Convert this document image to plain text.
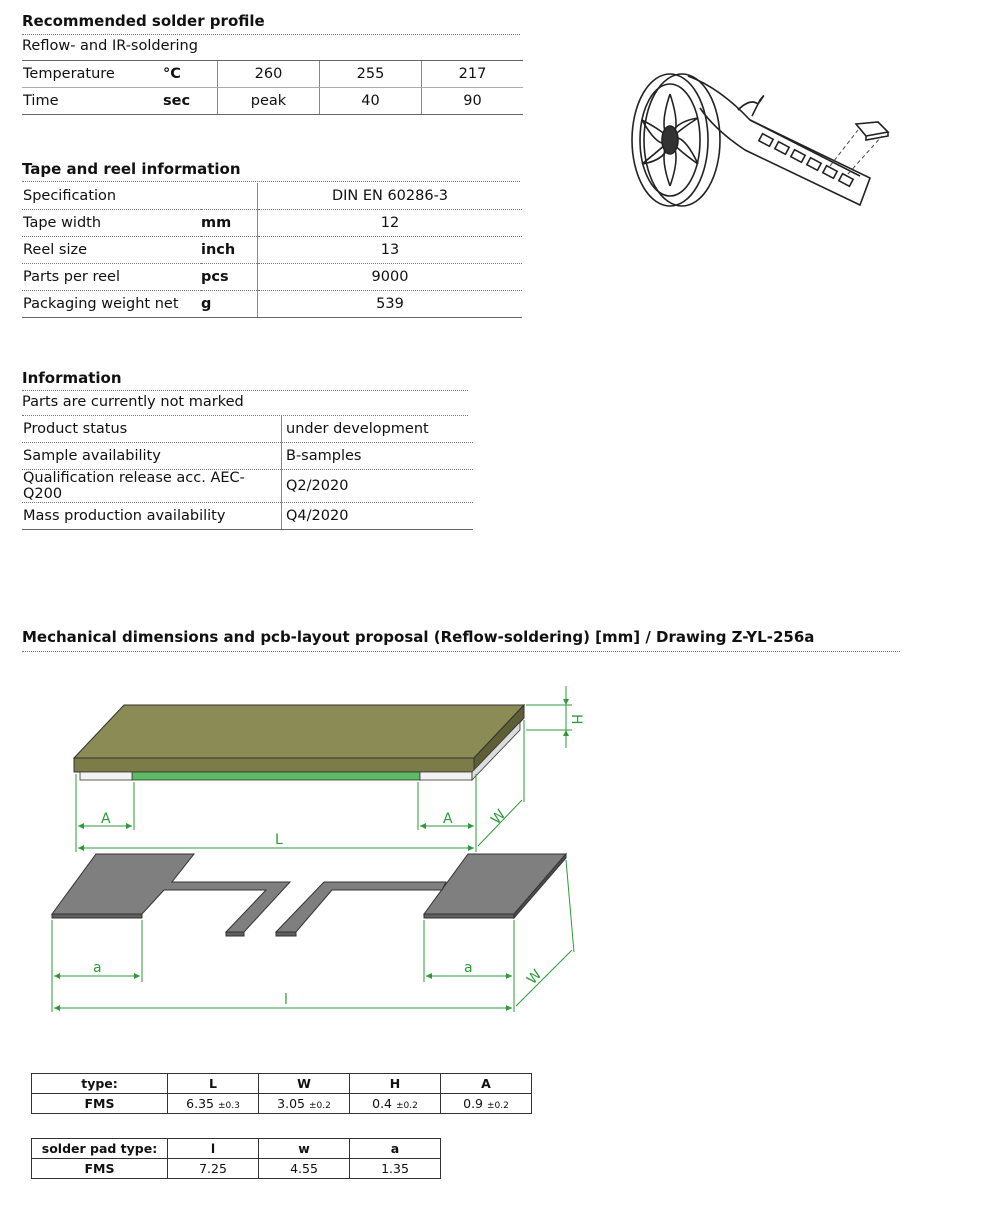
Recommended solder profile
Reflow- and IR-soldering
Temperature	°C	260	255	217
Time	sec	peak	40	90
Tape and reel information
Specification		DIN EN 60286-3
Tape width	mm	12
Reel size	inch	13
Parts per reel	pcs	9000
Packaging weight net	g	539
Information
Parts are currently not marked
Product status	under development
Sample availability	B-samples
Qualification release acc. AEC-Q200	Q2/2020
Mass production availability	Q4/2020
Mechanical dimensions and pcb-layout proposal (Reflow-soldering) [mm] / Drawing Z-YL-256a
A	A
L
W
H
a	a
l
W
type:	L	W	H	A
FMS	6.35 ±0.3	3.05 ±0.2	0.4 ±0.2	0.9 ±0.2
solder pad type:	l	w	a
FMS	7.25	4.55	1.35
